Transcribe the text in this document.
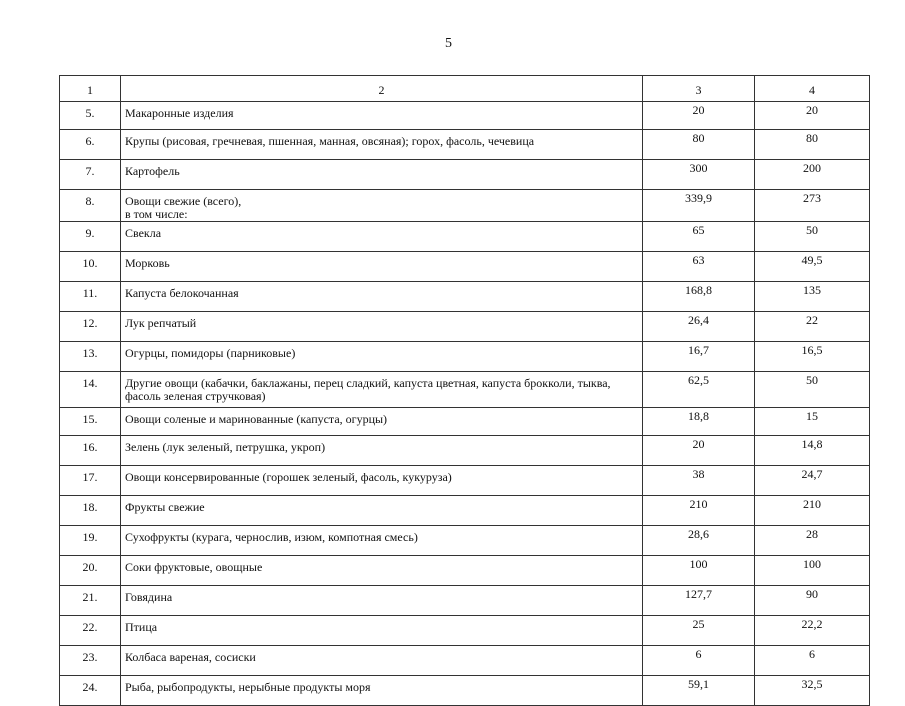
5
1	2	3	4
5.	Макаронные изделия	20	20
6.	Крупы (рисовая, гречневая, пшенная, манная, овсяная); горох, фасоль, чечевица	80	80
7.	Картофель	300	200
8.	Овощи свежие (всего),
в том числе:	339,9	273
9.	Свекла	65	50
10.	Морковь	63	49,5
11.	Капуста белокочанная	168,8	135
12.	Лук репчатый	26,4	22
13.	Огурцы, помидоры (парниковые)	16,7	16,5
14.	Другие овощи (кабачки, баклажаны, перец сладкий, капуста цветная, капуста брокколи, тыква, фасоль зеленая стручковая)	62,5	50
15.	Овощи соленые и маринованные (капуста, огурцы)	18,8	15
16.	Зелень (лук зеленый, петрушка, укроп)	20	14,8
17.	Овощи консервированные (горошек зеленый, фасоль, кукуруза)	38	24,7
18.	Фрукты свежие	210	210
19.	Сухофрукты (курага, чернослив, изюм, компотная смесь)	28,6	28
20.	Соки фруктовые, овощные	100	100
21.	Говядина	127,7	90
22.	Птица	25	22,2
23.	Колбаса вареная, сосиски	6	6
24.	Рыба, рыбопродукты, нерыбные продукты моря	59,1	32,5
